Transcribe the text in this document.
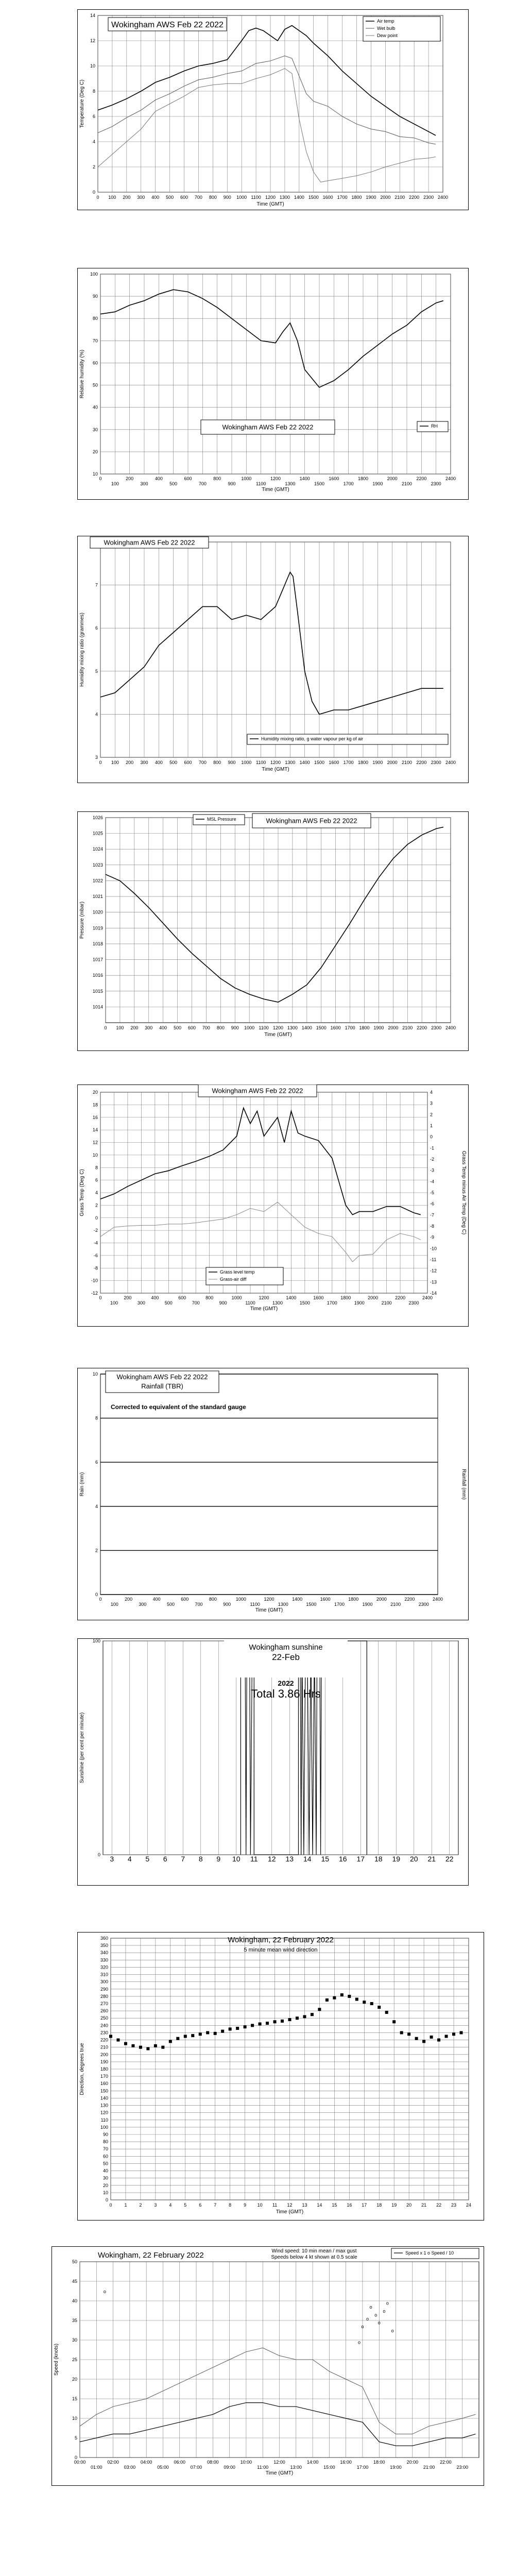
0
2
4
6
8
10
12
14
0 100 200 300 400 500 600 700 800 900 1000 1100 1200 1300 1400 1500 1600 1700 1800 1900 2000 2100 2200 2300 2400
Time (GMT)
Temperature (Deg C)
Wokingham AWS Feb 22 2022	Air temp
Wet bulb
Dew point
10
20
30
40
50
60
70
80
90
100
0
100
200
300
400
500
600
700
800
900
1000
1100
1200
1300
1400
1500
1600
1700
1800
1900
2000
2100
2200
2300
2400
Time (GMT)
Relative humidity (%)
Wokingham AWS Feb 22 2022	RH
3
4
5
6
7
0 100 200 300 400 500 600 700 800 900 1000 1100 1200 1300 1400 1500 1600 1700 1800 1900 2000 2100 2200 2300 2400
Time (GMT)
Humidity mixing ratio (grammes)
Wokingham AWS Feb 22 2022
Humidity mixing ratio, g water vapour per kg of air
1014
1015
1016
1017
1018
1019
1020
1021
1022
1023
1024
1025
1026
0 100 200 300 400 500 600 700 800 900 1000 1100 1200 1300 1400 1500 1600 1700 1800 1900 2000 2100 2200 2300 2400
Time (GMT)
Pressure (mbar)
MSL Pressure	Wokingham AWS Feb 22 2022
-12
-10
-8
-6
-4
-2
0
2
4
6
8
10
12
14
16
18
20
0
100
200
300
400
500
600
700
800
900
1000
1100
1200
1300
1400
1500
1600
1700
1800
1900
2000
2100
2200
2300
2400
Time (GMT)
Grass Temp (Deg C)
-14
-13
-12
-11
-10
-9
-8
-7
-6
-5
-4
-3
-2
-1
0
1
2
3
4
Grass Temp minus Air Temp (Deg C)
Wokingham AWS Feb 22 2022
Grass level temp
Grass-air diff
0
2
4
6
8
10
0
100
200
300
400
500
600
700
800
900
1000
1100
1200
1300
1400
1500
1600
1700
1800
1900
2000
2100
2200
2300
2400
Time (GMT)
Rain (mm)	Rainfall (mm)
Wokingham AWS Feb 22 2022
Rainfall (TBR)
Corrected to equivalent of the standard gauge
0
100
3 4 5 6 7 8 9 10 11 12 13 14 15 16 17 18 19 20 21 22
Sunshine (per cent per minute)
Wokingham sunshine
22-Feb
2022
Total 3.86 Hrs
0
10
20
30
40
50
60
70
80
90
100
110
120
130
140
150
160
170
180
190
200
210
220
230
240
250
260
270
280
290
300
310
320
330
340
350
360
0	1	2	3	4	5	6	7	8	9 10 11 12 13 14 15 16 17 18 19 20 21 22 23 24
Time (GMT)
Direction, degrees true
Wokingham, 22 February 2022
5 minute mean wind direction
0
5
10
15
20
25
30
35
40
45
50
00:00
01:00
02:00
03:00
04:00
05:00
06:00
07:00
08:00
09:00
10:00
11:00
12:00
13:00
14:00
15:00
16:00
17:00
18:00
19:00
20:00
21:00
22:00
23:00
Time (GMT)
Speed (knots)
o
o
o
o
o
o
o
o
o
o
Wokingham, 22 February 2022	Wind speed: 10 min mean / max gust
Speeds below 4 kt shown at 0.5 scale
Speed x 1 o Speed / 10
